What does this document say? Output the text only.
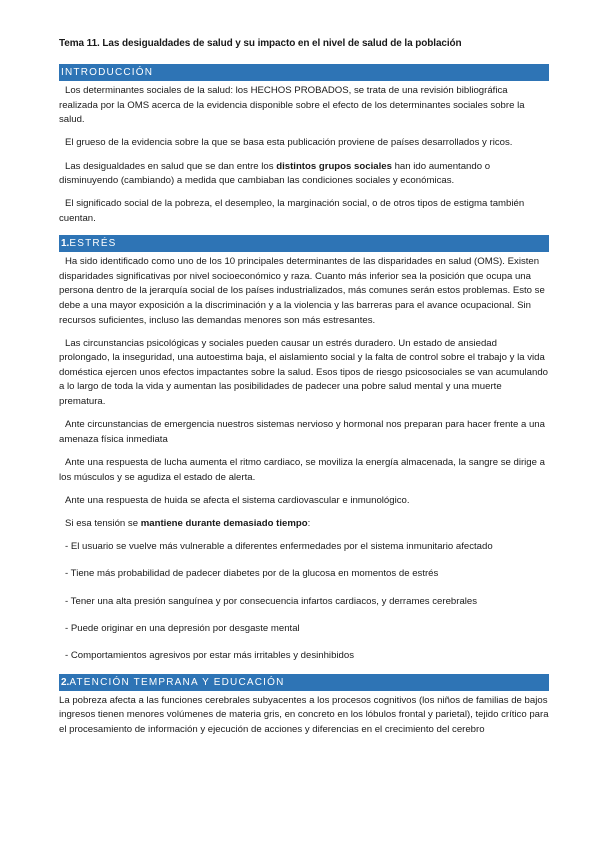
Tema 11. Las desigualdades de salud y su impacto en el nivel de salud de la población
INTRODUCCIÓN

Los determinantes sociales de la salud: los HECHOS PROBADOS, se trata de una revisión bibliográfica realizada por la OMS acerca de la evidencia disponible sobre el efecto de los determinantes sociales sobre la salud.

El grueso de la evidencia sobre la que se basa esta publicación proviene de países desarrollados y ricos.

Las desigualdades en salud que se dan entre los distintos grupos sociales han ido aumentando o disminuyendo (cambiando) a medida que cambiaban las condiciones sociales y económicas.

El significado social de la pobreza, el desempleo, la marginación social, o de otros tipos de estigma también cuentan.

1.ESTRÉS

Ha sido identificado como uno de los 10 principales determinantes de las disparidades en salud (OMS). Existen disparidades significativas por nivel socioeconómico y raza. Cuanto más inferior sea la posición que ocupa una persona dentro de la jerarquía social de los países industrializados, más comunes serán estos problemas. Esto se debe a una mayor exposición a la discriminación y a la violencia y las barreras para el avance ocupacional. Sin recursos suficientes, incluso las demandas menores son más estresantes.

Las circunstancias psicológicas y sociales pueden causar un estrés duradero. Un estado de ansiedad prolongado, la inseguridad, una autoestima baja, el aislamiento social y la falta de control sobre el trabajo y la vida doméstica ejercen unos efectos impactantes sobre la salud. Esos tipos de riesgo psicosociales se van acumulando a lo largo de toda la vida y aumentan las posibilidades de padecer una pobre salud mental y una muerte prematura.

Ante circunstancias de emergencia nuestros sistemas nervioso y hormonal nos preparan para hacer frente a una amenaza física inmediata

Ante una respuesta de lucha aumenta el ritmo cardiaco, se moviliza la energía almacenada, la sangre se dirige a los músculos y se agudiza el estado de alerta.

Ante una respuesta de huida se afecta el sistema cardiovascular e inmunológico.

Si esa tensión se mantiene durante demasiado tiempo:

- El usuario se vuelve más vulnerable a diferentes enfermedades por el sistema inmunitario afectado

- Tiene más probabilidad de padecer diabetes por de la glucosa en momentos de estrés

- Tener una alta presión sanguínea y por consecuencia infartos cardiacos, y derrames cerebrales

- Puede originar en una depresión por desgaste mental

- Comportamientos agresivos por estar más irritables y desinhibidos

2.ATENCIÓN TEMPRANA Y EDUCACIÓN

La pobreza afecta a las funciones cerebrales subyacentes a los procesos cognitivos (los niños de familias de bajos ingresos tienen menores volúmenes de materia gris, en concreto en los lóbulos frontal y parietal), tejido crítico para el procesamiento de información y ejecución de acciones y diferencias en el crecimiento del cerebro
